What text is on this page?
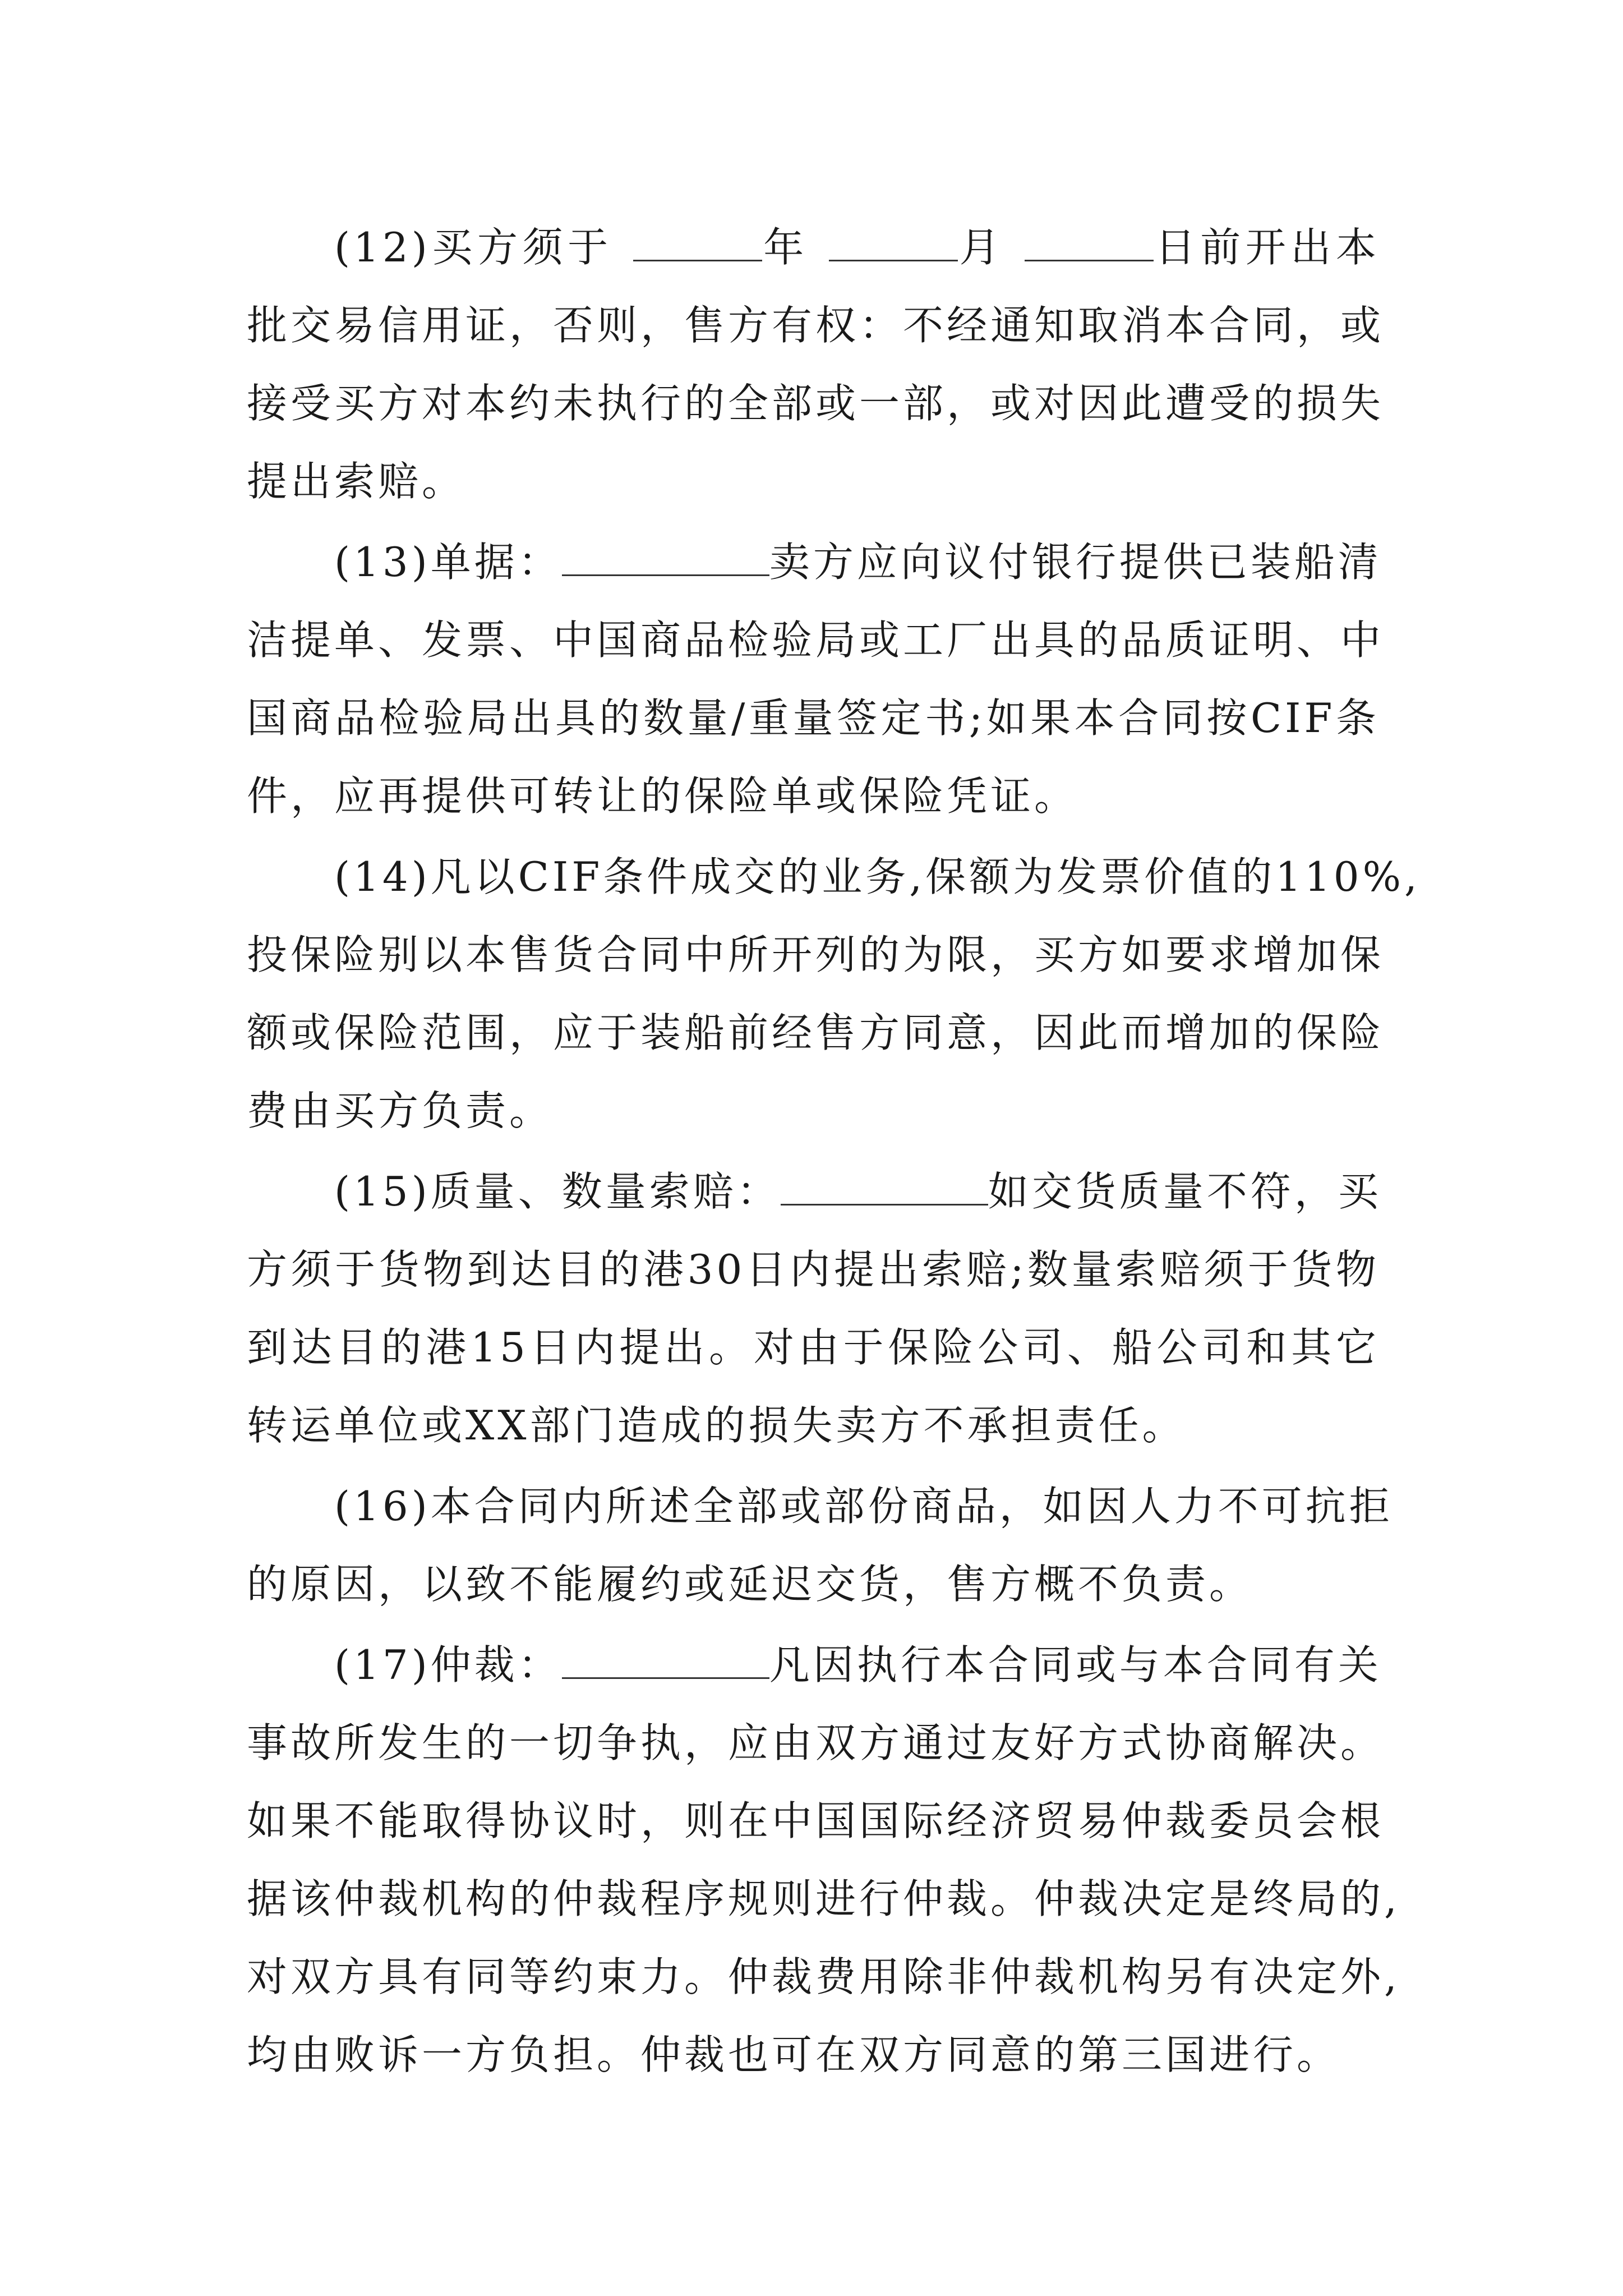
(12)买方须于	年	月	日前开出本
批交易信用证，否则，售方有权：不经通知取消本合同，或
接受买方对本约未执行的全部或一部，或对因此遭受的损失
提出索赔。
(13)单据：	卖方应向议付银行提供已装船清
洁提单、发票、中国商品检验局或工厂出具的品质证明、中
国商品检验局出具的数量/重量签定书;如果本合同按CIF条
件，应再提供可转让的保险单或保险凭证。
(14)凡以CIF条件成交的业务,保额为发票价值的110%,
投保险别以本售货合同中所开列的为限，买方如要求增加保
额或保险范围，应于装船前经售方同意，因此而增加的保险
费由买方负责。
(15)质量、数量索赔：	如交货质量不符，买
方须于货物到达目的港30日内提出索赔;数量索赔须于货物
到达目的港15日内提出。对由于保险公司、船公司和其它
转运单位或XX部门造成的损失卖方不承担责任。
(16)本合同内所述全部或部份商品，如因人力不可抗拒
的原因，以致不能履约或延迟交货，售方概不负责。
(17)仲裁：	凡因执行本合同或与本合同有关
事故所发生的一切争执，应由双方通过友好方式协商解决。
如果不能取得协议时，则在中国国际经济贸易仲裁委员会根
据该仲裁机构的仲裁程序规则进行仲裁。仲裁决定是终局的,
对双方具有同等约束力。仲裁费用除非仲裁机构另有决定外,
均由败诉一方负担。仲裁也可在双方同意的第三国进行。
